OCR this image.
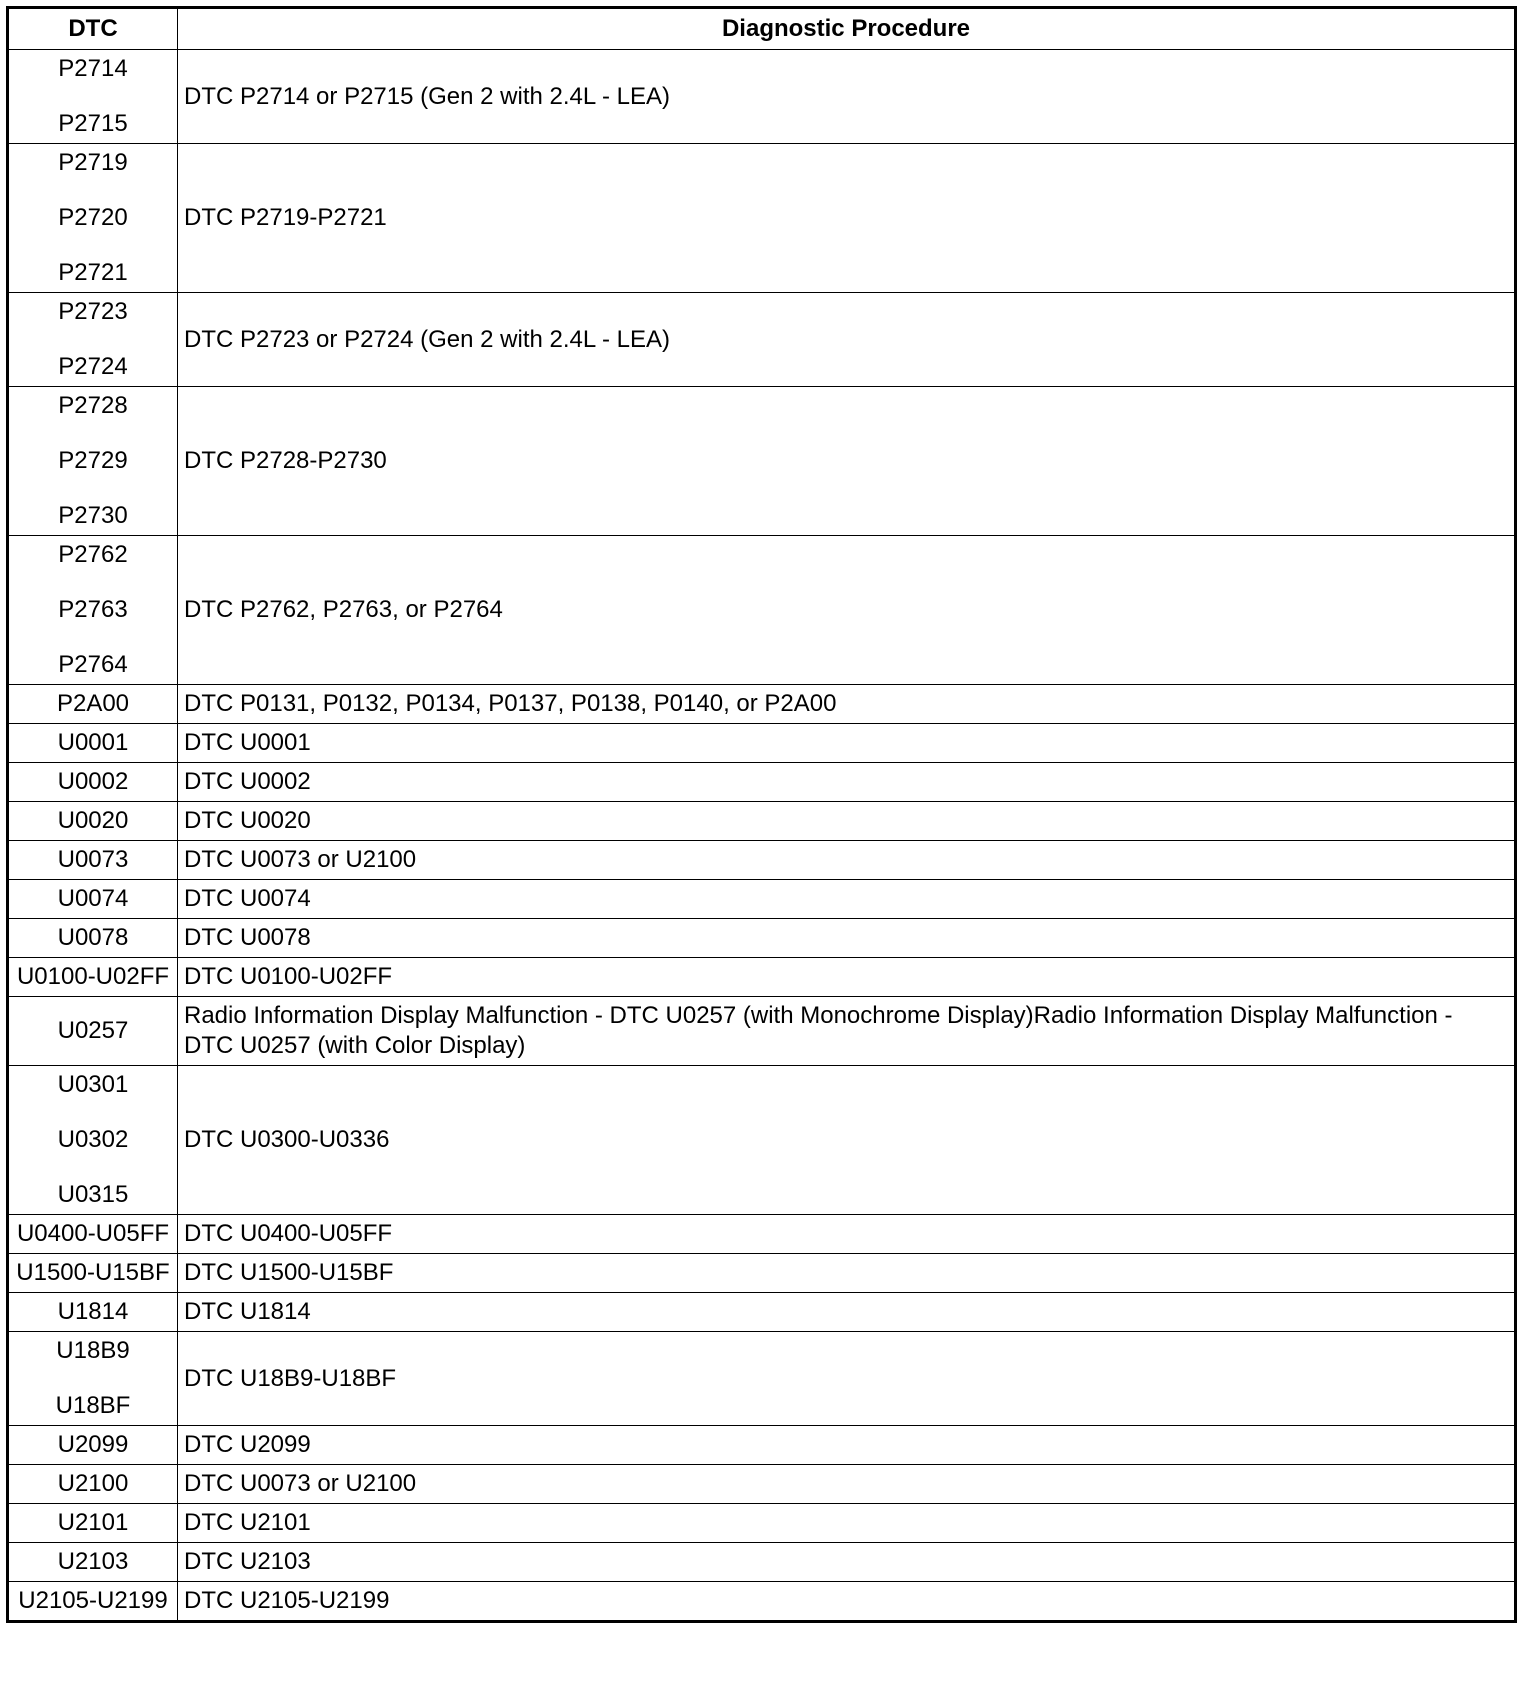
DTC	Diagnostic Procedure

P2714
P2715	DTC P2714 or P2715 (Gen 2 with 2.4L - LEA)

P2719
P2720
P2721	DTC P2719-P2721

P2723
P2724	DTC P2723 or P2724 (Gen 2 with 2.4L - LEA)

P2728
P2729
P2730	DTC P2728-P2730

P2762
P2763
P2764	DTC P2762, P2763, or P2764

P2A00	DTC P0131, P0132, P0134, P0137, P0138, P0140, or P2A00

U0001	DTC U0001

U0002	DTC U0002

U0020	DTC U0020

U0073	DTC U0073 or U2100

U0074	DTC U0074

U0078	DTC U0078

U0100-U02FF	DTC U0100-U02FF

U0257	Radio Information Display Malfunction - DTC U0257 (with Monochrome Display)Radio Information Display Malfunction - DTC U0257 (with Color Display)

U0301
U0302
U0315	DTC U0300-U0336

U0400-U05FF	DTC U0400-U05FF

U1500-U15BF	DTC U1500-U15BF

U1814	DTC U1814

U18B9
U18BF	DTC U18B9-U18BF

U2099	DTC U2099

U2100	DTC U0073 or U2100

U2101	DTC U2101

U2103	DTC U2103

U2105-U2199	DTC U2105-U2199
